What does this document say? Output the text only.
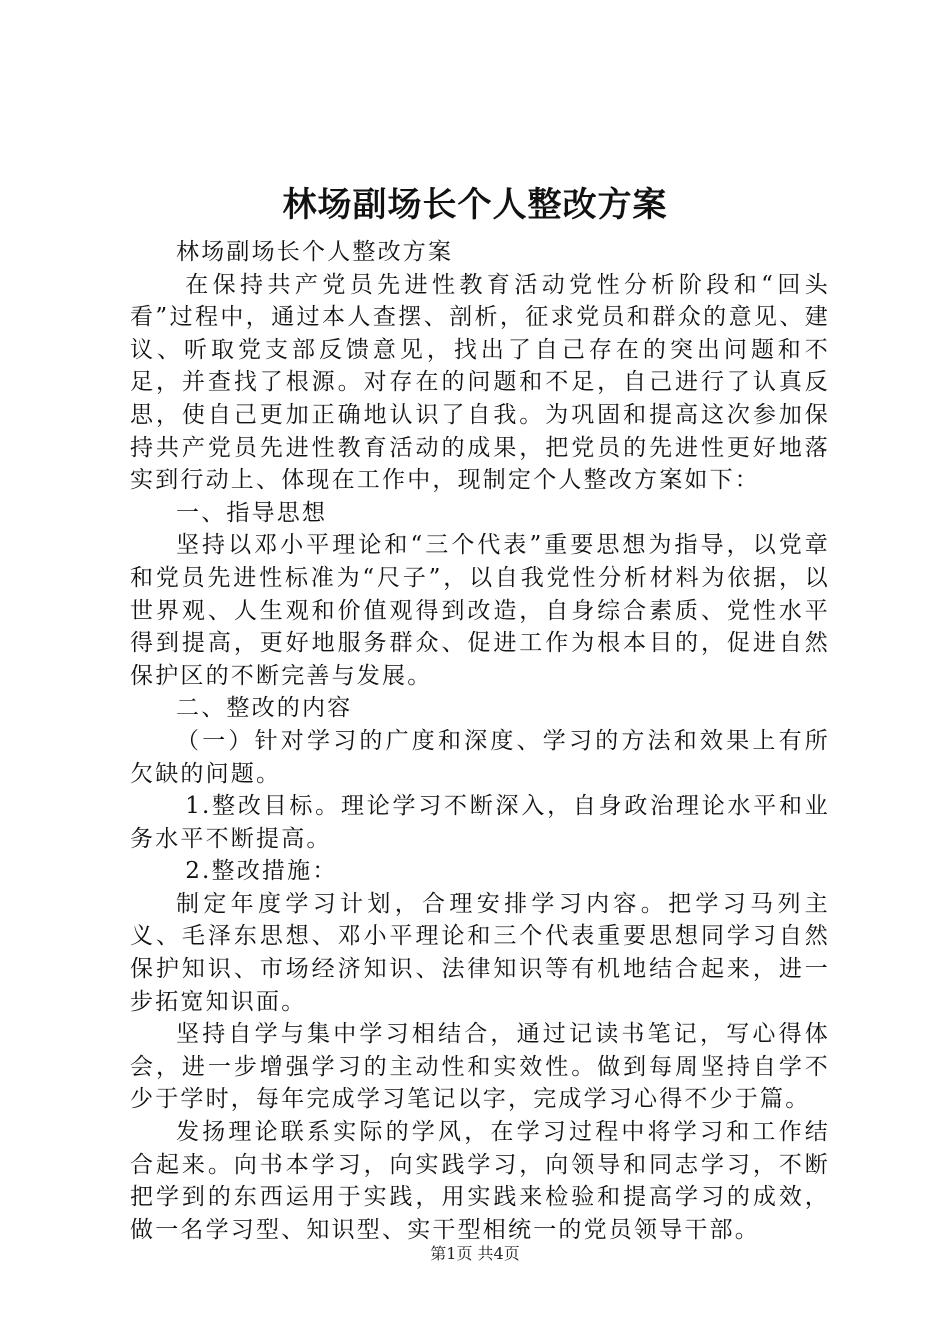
林场副场长个人整改方案

林场副场长个人整改方案

在保持共产党员先进性教育活动党性分析阶段和“回头看”过程中，通过本人查摆、剖析，征求党员和群众的意见、建议、听取党支部反馈意见，找出了自己存在的突出问题和不足，并查找了根源。对存在的问题和不足，自己进行了认真反思，使自己更加正确地认识了自我。为巩固和提高这次参加保持共产党员先进性教育活动的成果，把党员的先进性更好地落实到行动上、体现在工作中，现制定个人整改方案如下：

一、指导思想

坚持以邓小平理论和“三个代表”重要思想为指导，以党章和党员先进性标准为“尺子”，以自我党性分析材料为依据，以世界观、人生观和价值观得到改造，自身综合素质、党性水平得到提高，更好地服务群众、促进工作为根本目的，促进自然保护区的不断完善与发展。

二、整改的内容

（一）针对学习的广度和深度、学习的方法和效果上有所欠缺的问题。

1.整改目标。理论学习不断深入，自身政治理论水平和业务水平不断提高。

2.整改措施：

制定年度学习计划，合理安排学习内容。把学习马列主义、毛泽东思想、邓小平理论和三个代表重要思想同学习自然保护知识、市场经济知识、法律知识等有机地结合起来，进一步拓宽知识面。

坚持自学与集中学习相结合，通过记读书笔记，写心得体会，进一步增强学习的主动性和实效性。做到每周坚持自学不少于学时，每年完成学习笔记以字，完成学习心得不少于篇。

发扬理论联系实际的学风，在学习过程中将学习和工作结合起来。向书本学习，向实践学习，向领导和同志学习，不断把学到的东西运用于实践，用实践来检验和提高学习的成效，做一名学习型、知识型、实干型相统一的党员领导干部。

第1页 共4页
